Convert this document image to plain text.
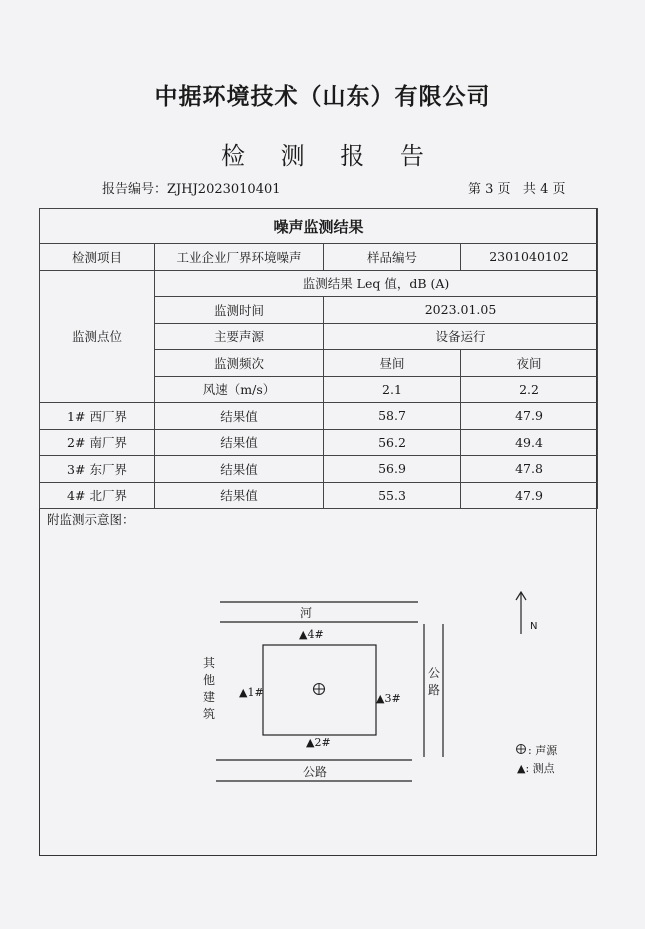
中据环境技术（山东）有限公司
检 测 报 告
报告编号：ZJHJ2023010401	第 3 页   共 4 页
噪声监测结果			
检测项目	工业企业厂界环境噪声	样品编号	2301040102
监测点位	监测结果 Leq 值，dB (A)		
	监测时间	2023.01.05	
	主要声源	设备运行	
	监测频次	昼间	夜间
	风速（m/s）	2.1	2.2
1# 西厂界	结果值	58.7	47.9
2# 南厂界	结果值	56.2	49.4
3# 东厂界	结果值	56.9	47.8
4# 北厂界	结果值	55.3	47.9
附监测示意图：
河
公路
公
路
其
他
建
筑
▲4#
▲1#	▲3#
▲2#
N
: 声源
▲: 测点
